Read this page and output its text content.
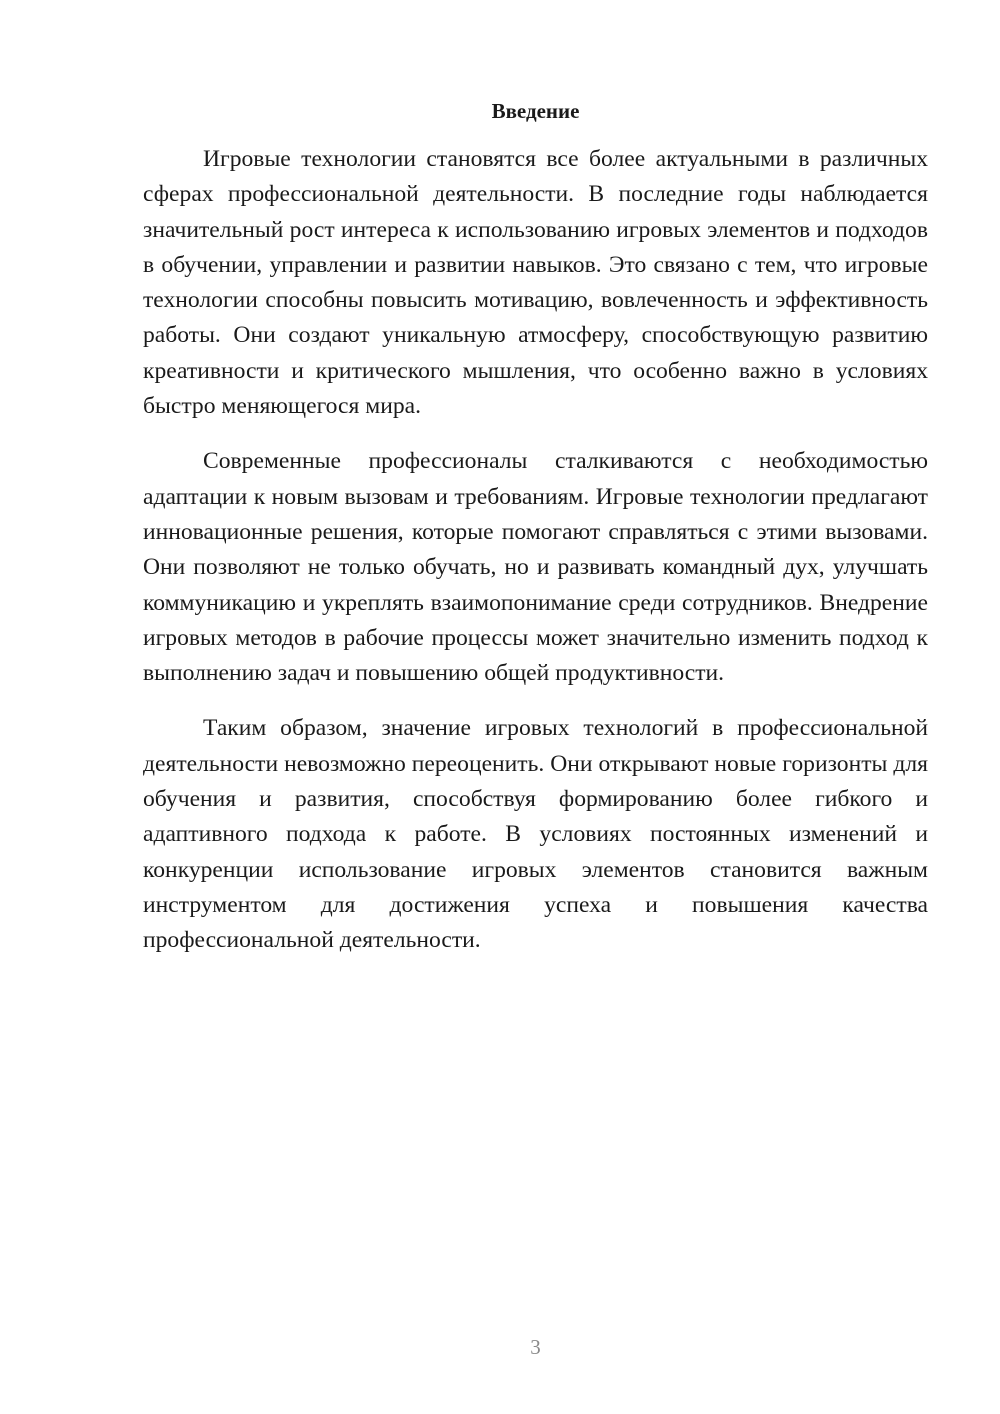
Введение

Игровые технологии становятся все более актуальными в различных сферах профессиональной деятельности. В последние годы наблюдается значительный рост интереса к использованию игровых элементов и подходов в обучении, управлении и развитии навыков. Это связано с тем, что игровые технологии способны повысить мотивацию, вовлеченность и эффективность работы. Они создают уникальную атмосферу, способствующую развитию креативности и критического мышления, что особенно важно в условиях быстро меняющегося мира.

Современные профессионалы сталкиваются с необходимостью адаптации к новым вызовам и требованиям. Игровые технологии предлагают инновационные решения, которые помогают справляться с этими вызовами. Они позволяют не только обучать, но и развивать командный дух, улучшать коммуникацию и укреплять взаимопонимание среди сотрудников. Внедрение игровых методов в рабочие процессы может значительно изменить подход к выполнению задач и повышению общей продуктивности.

Таким образом, значение игровых технологий в профессиональной деятельности невозможно переоценить. Они открывают новые горизонты для обучения и развития, способствуя формированию более гибкого и адаптивного подхода к работе. В условиях постоянных изменений и конкуренции использование игровых элементов становится важным инструментом для достижения успеха и повышения качества профессиональной деятельности.

3
